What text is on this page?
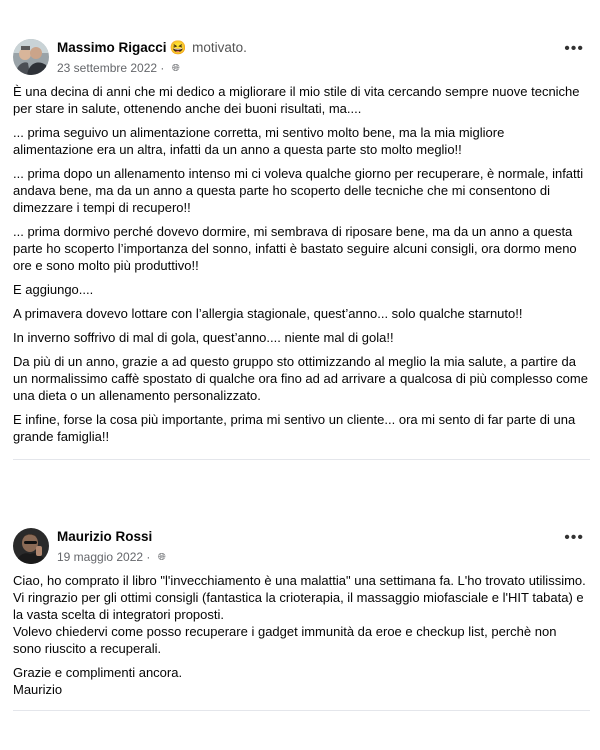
Massimo Rigacci 😆 motivato.
23 settembre 2022 · 🌐︎
•••

È una decina di anni che mi dedico a migliorare il mio stile di vita cercando sempre nuove tecniche per stare in salute, ottenendo anche dei buoni risultati, ma....

... prima seguivo un alimentazione corretta, mi sentivo molto bene, ma la mia migliore alimentazione era un altra, infatti da un anno a questa parte sto molto meglio!!

... prima dopo un allenamento intenso mi ci voleva qualche giorno per recuperare, è normale, infatti andava bene, ma da un anno a questa parte ho scoperto delle tecniche che mi consentono di dimezzare i tempi di recupero!!

... prima dormivo perché dovevo dormire, mi sembrava di riposare bene, ma da un anno a questa parte ho scoperto l’importanza del sonno, infatti è bastato seguire alcuni consigli, ora dormo meno ore e sono molto più produttivo!!

E aggiungo....

A primavera dovevo lottare con l’allergia stagionale, quest’anno... solo qualche starnuto!!

In inverno soffrivo di mal di gola, quest’anno.... niente mal di gola!!

Da più di un anno, grazie a ad questo gruppo sto ottimizzando al meglio la mia salute, a partire da un normalissimo caffè spostato di qualche ora fino ad ad arrivare a qualcosa di più complesso come una dieta o un allenamento personalizzato.

E infine, forse la cosa più importante, prima mi sentivo un cliente... ora mi sento di far parte di una grande famiglia!!

Maurizio Rossi
19 maggio 2022 · 🌐︎
•••

Ciao, ho comprato il libro "l'invecchiamento è una malattia" una settimana fa. L'ho trovato utilissimo. Vi ringrazio per gli ottimi consigli (fantastica la crioterapia, il massaggio miofasciale e l'HIT tabata) e la vasta scelta di integratori proposti.

Volevo chiedervi come posso recuperare i gadget immunità da eroe e checkup list, perchè non sono riuscito a recuperali.

Grazie e complimenti ancora.

Maurizio
